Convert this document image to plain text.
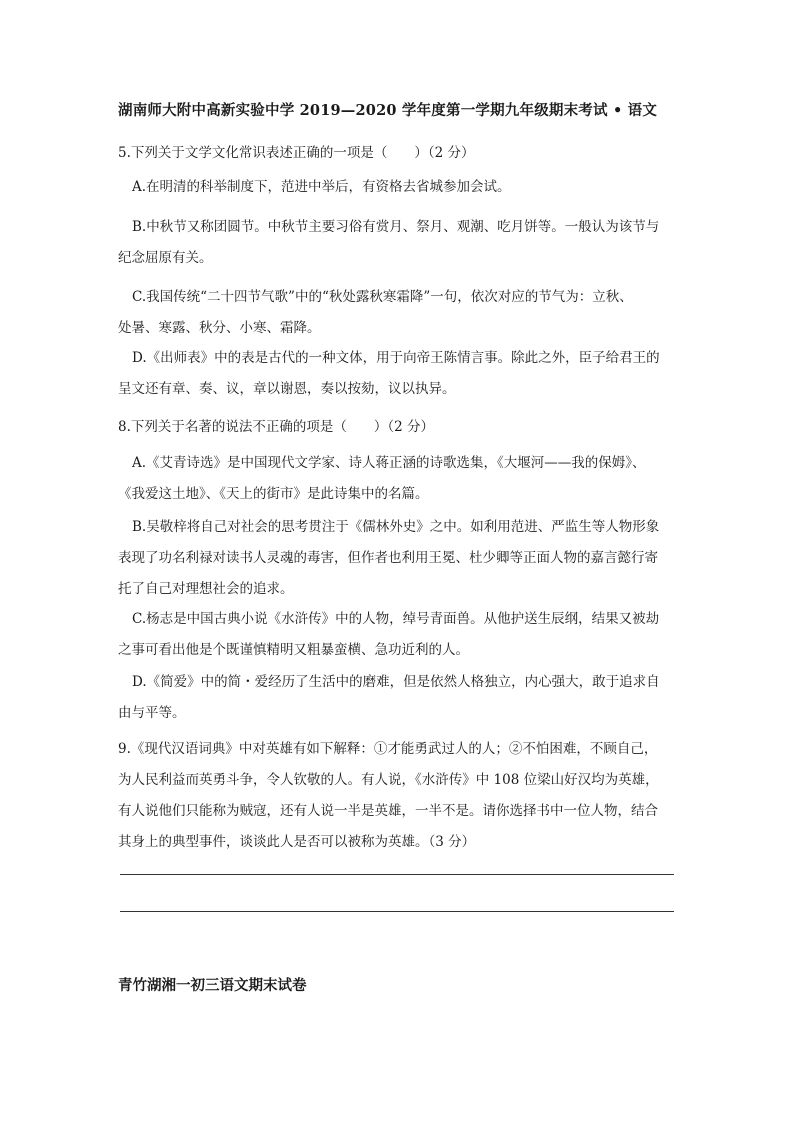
湖南师大附中高新实验中学 2019—2020 学年度第一学期九年级期末考试 • 语文
5.下列关于文学文化常识表述正确的一项是（　　）（2 分）
A.在明清的科举制度下，范进中举后，有资格去省城参加会试。
B.中秋节又称团圆节。中秋节主要习俗有赏月、祭月、观潮、吃月饼等。一般认为该节与
纪念屈原有关。
C.我国传统“二十四节气歌”中的“秋处露秋寒霜降”一句，依次对应的节气为：立秋、
处暑、寒露、秋分、小寒、霜降。
D.《出师表》中的表是古代的一种文体，用于向帝王陈情言事。除此之外，臣子给君王的
呈文还有章、奏、议，章以谢恩，奏以按劾，议以执异。
8.下列关于名著的说法不正确的项是（　　）（2 分）
A.《艾青诗选》是中国现代文学家、诗人蒋正涵的诗歌选集，《大堰河——我的保姆》、
《我爱这土地》、《天上的街市》是此诗集中的名篇。
B.吴敬梓将自己对社会的思考贯注于《儒林外史》之中。如利用范进、严监生等人物形象
表现了功名利禄对读书人灵魂的毒害，但作者也利用王冕、杜少卿等正面人物的嘉言懿行寄
托了自己对理想社会的追求。
C.杨志是中国古典小说《水浒传》中的人物，绰号青面兽。从他护送生辰纲，结果又被劫
之事可看出他是个既谨慎精明又粗暴蛮横、急功近利的人。
D.《简爱》中的简・爱经历了生活中的磨难，但是依然人格独立，内心强大，敢于追求自
由与平等。
9.《现代汉语词典》中对英雄有如下解释：①才能勇武过人的人；②不怕困难，不顾自己，
为人民利益而英勇斗争，令人钦敬的人。有人说，《水浒传》中 108 位梁山好汉均为英雄，
有人说他们只能称为贼寇，还有人说一半是英雄，一半不是。请你选择书中一位人物，结合
其身上的典型事件，谈谈此人是否可以被称为英雄。（3 分）
青竹湖湘一初三语文期末试卷
